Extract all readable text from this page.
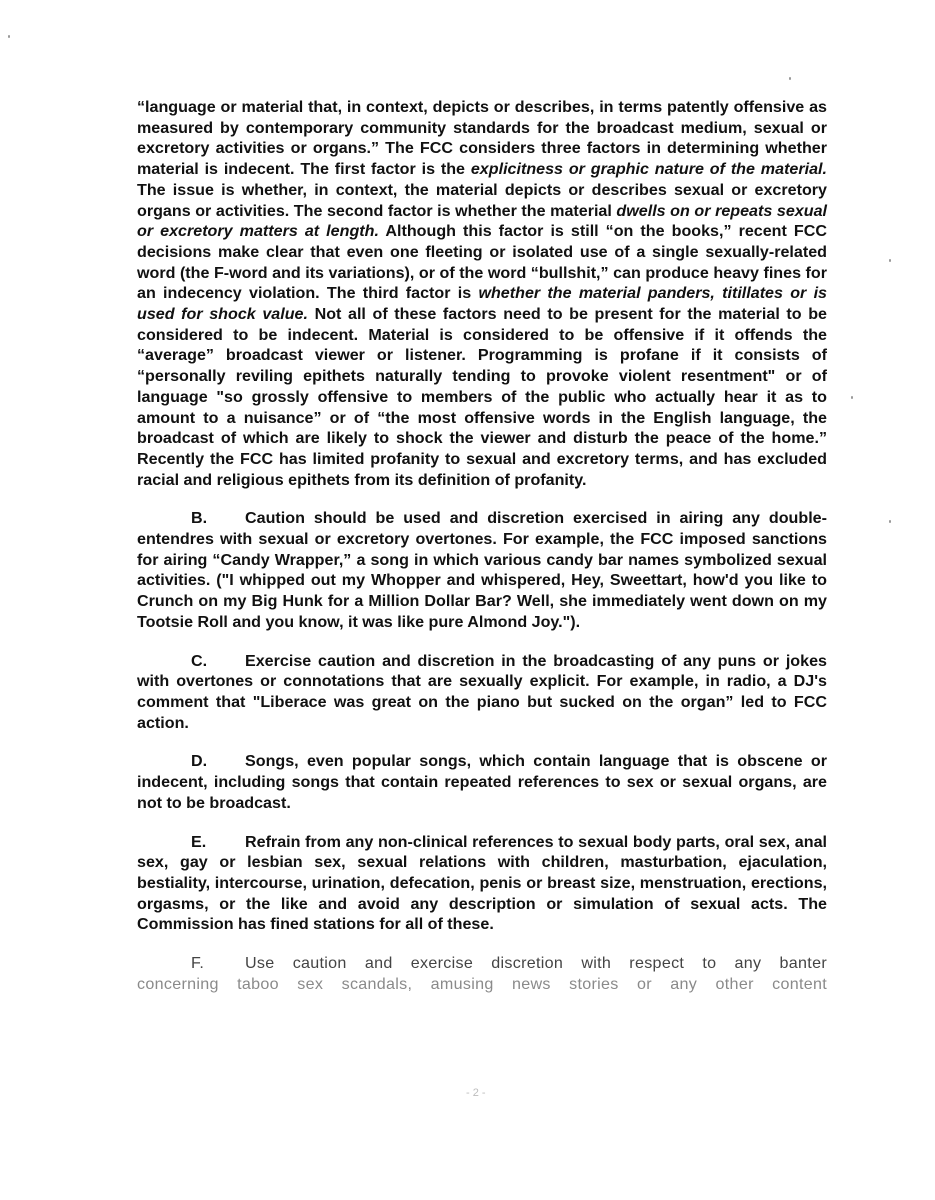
“language or material that, in context, depicts or describes, in terms patently offensive as measured by contemporary community standards for the broadcast medium, sexual or excretory activities or organs.” The FCC considers three factors in determining whether material is indecent. The first factor is the explicitness or graphic nature of the material. The issue is whether, in context, the material depicts or describes sexual or excretory organs or activities. The second factor is whether the material dwells on or repeats sexual or excretory matters at length. Although this factor is still “on the books,” recent FCC decisions make clear that even one fleeting or isolated use of a single sexually-related word (the F-word and its variations), or of the word “bullshit,” can produce heavy fines for an indecency violation. The third factor is whether the material panders, titillates or is used for shock value. Not all of these factors need to be present for the material to be considered to be indecent. Material is considered to be offensive if it offends the “average” broadcast viewer or listener. Programming is profane if it consists of “personally reviling epithets naturally tending to provoke violent resentment" or of language "so grossly offensive to members of the public who actually hear it as to amount to a nuisance” or of “the most offensive words in the English language, the broadcast of which are likely to shock the viewer and disturb the peace of the home.” Recently the FCC has limited profanity to sexual and excretory terms, and has excluded racial and religious epithets from its definition of profanity.

B. Caution should be used and discretion exercised in airing any double-entendres with sexual or excretory overtones. For example, the FCC imposed sanctions for airing “Candy Wrapper,” a song in which various candy bar names symbolized sexual activities. ("I whipped out my Whopper and whispered, Hey, Sweettart, how'd you like to Crunch on my Big Hunk for a Million Dollar Bar? Well, she immediately went down on my Tootsie Roll and you know, it was like pure Almond Joy.").

C. Exercise caution and discretion in the broadcasting of any puns or jokes with overtones or connotations that are sexually explicit. For example, in radio, a DJ's comment that "Liberace was great on the piano but sucked on the organ” led to FCC action.

D. Songs, even popular songs, which contain language that is obscene or indecent, including songs that contain repeated references to sex or sexual organs, are not to be broadcast.

E. Refrain from any non-clinical references to sexual body parts, oral sex, anal sex, gay or lesbian sex, sexual relations with children, masturbation, ejaculation, bestiality, intercourse, urination, defecation, penis or breast size, menstruation, erections, orgasms, or the like and avoid any description or simulation of sexual acts. The Commission has fined stations for all of these.

F.	Use caution and exercise discretion with respect to any banter
concerning taboo sex scandals, amusing news stories or any other content

- 2 -
